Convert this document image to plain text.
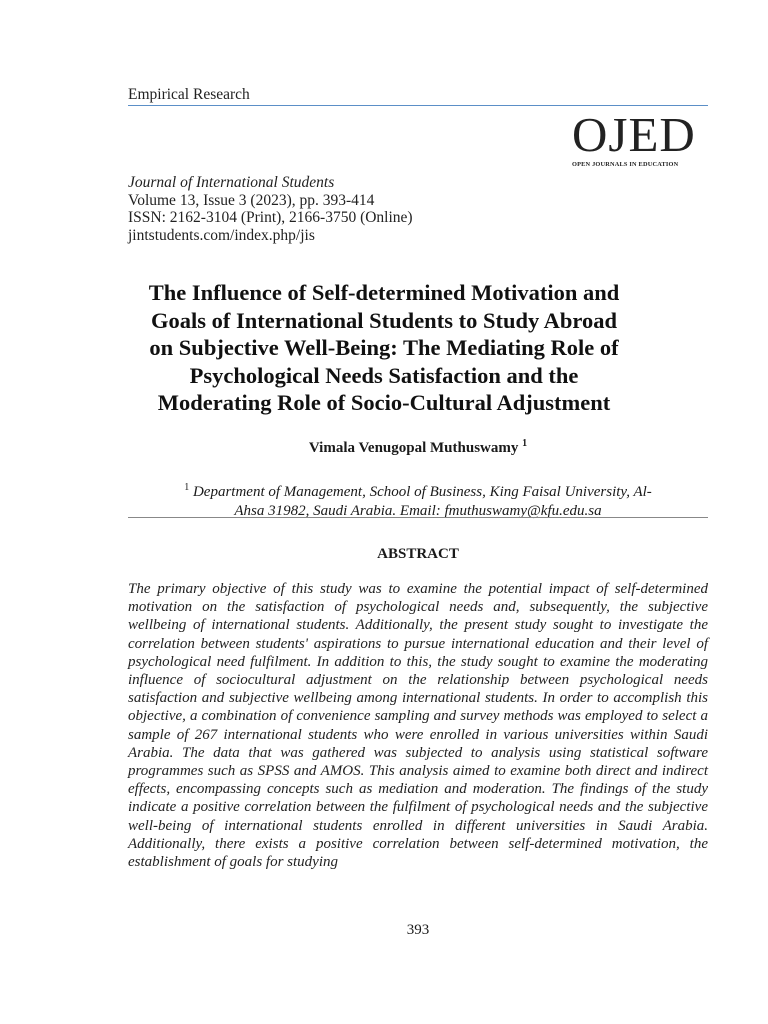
Empirical Research
OJED
OPEN JOURNALS IN EDUCATION
Journal of International Students
Volume 13, Issue 3 (2023), pp. 393-414
ISSN: 2162-3104 (Print), 2166-3750 (Online)
jintstudents.com/index.php/jis
The Influence of Self-determined Motivation and
Goals of International Students to Study Abroad
on Subjective Well-Being: The Mediating Role of
Psychological Needs Satisfaction and the
Moderating Role of Socio-Cultural Adjustment
Vimala Venugopal Muthuswamy $^1$
$^1$ Department of Management, School of Business, King Faisal University, Al-
Ahsa 31982, Saudi Arabia. Email: fmuthuswamy@kfu.edu.sa
ABSTRACT
The primary objective of this study was to examine the potential impact of self-determined motivation on the satisfaction of psychological needs and, subsequently, the subjective wellbeing of international students. Additionally, the present study sought to investigate the correlation between students' aspirations to pursue international education and their level of psychological need fulfilment. In addition to this, the study sought to examine the moderating influence of sociocultural adjustment on the relationship between psychological needs satisfaction and subjective wellbeing among international students. In order to accomplish this objective, a combination of convenience sampling and survey methods was employed to select a sample of 267 international students who were enrolled in various universities within Saudi Arabia. The data that was gathered was subjected to analysis using statistical software programmes such as SPSS and AMOS. This analysis aimed to examine both direct and indirect effects, encompassing concepts such as mediation and moderation. The findings of the study indicate a positive correlation between the fulfilment of psychological needs and the subjective well-being of international students enrolled in different universities in Saudi Arabia. Additionally, there exists a positive correlation between self-determined motivation, the establishment of goals for studying
393
